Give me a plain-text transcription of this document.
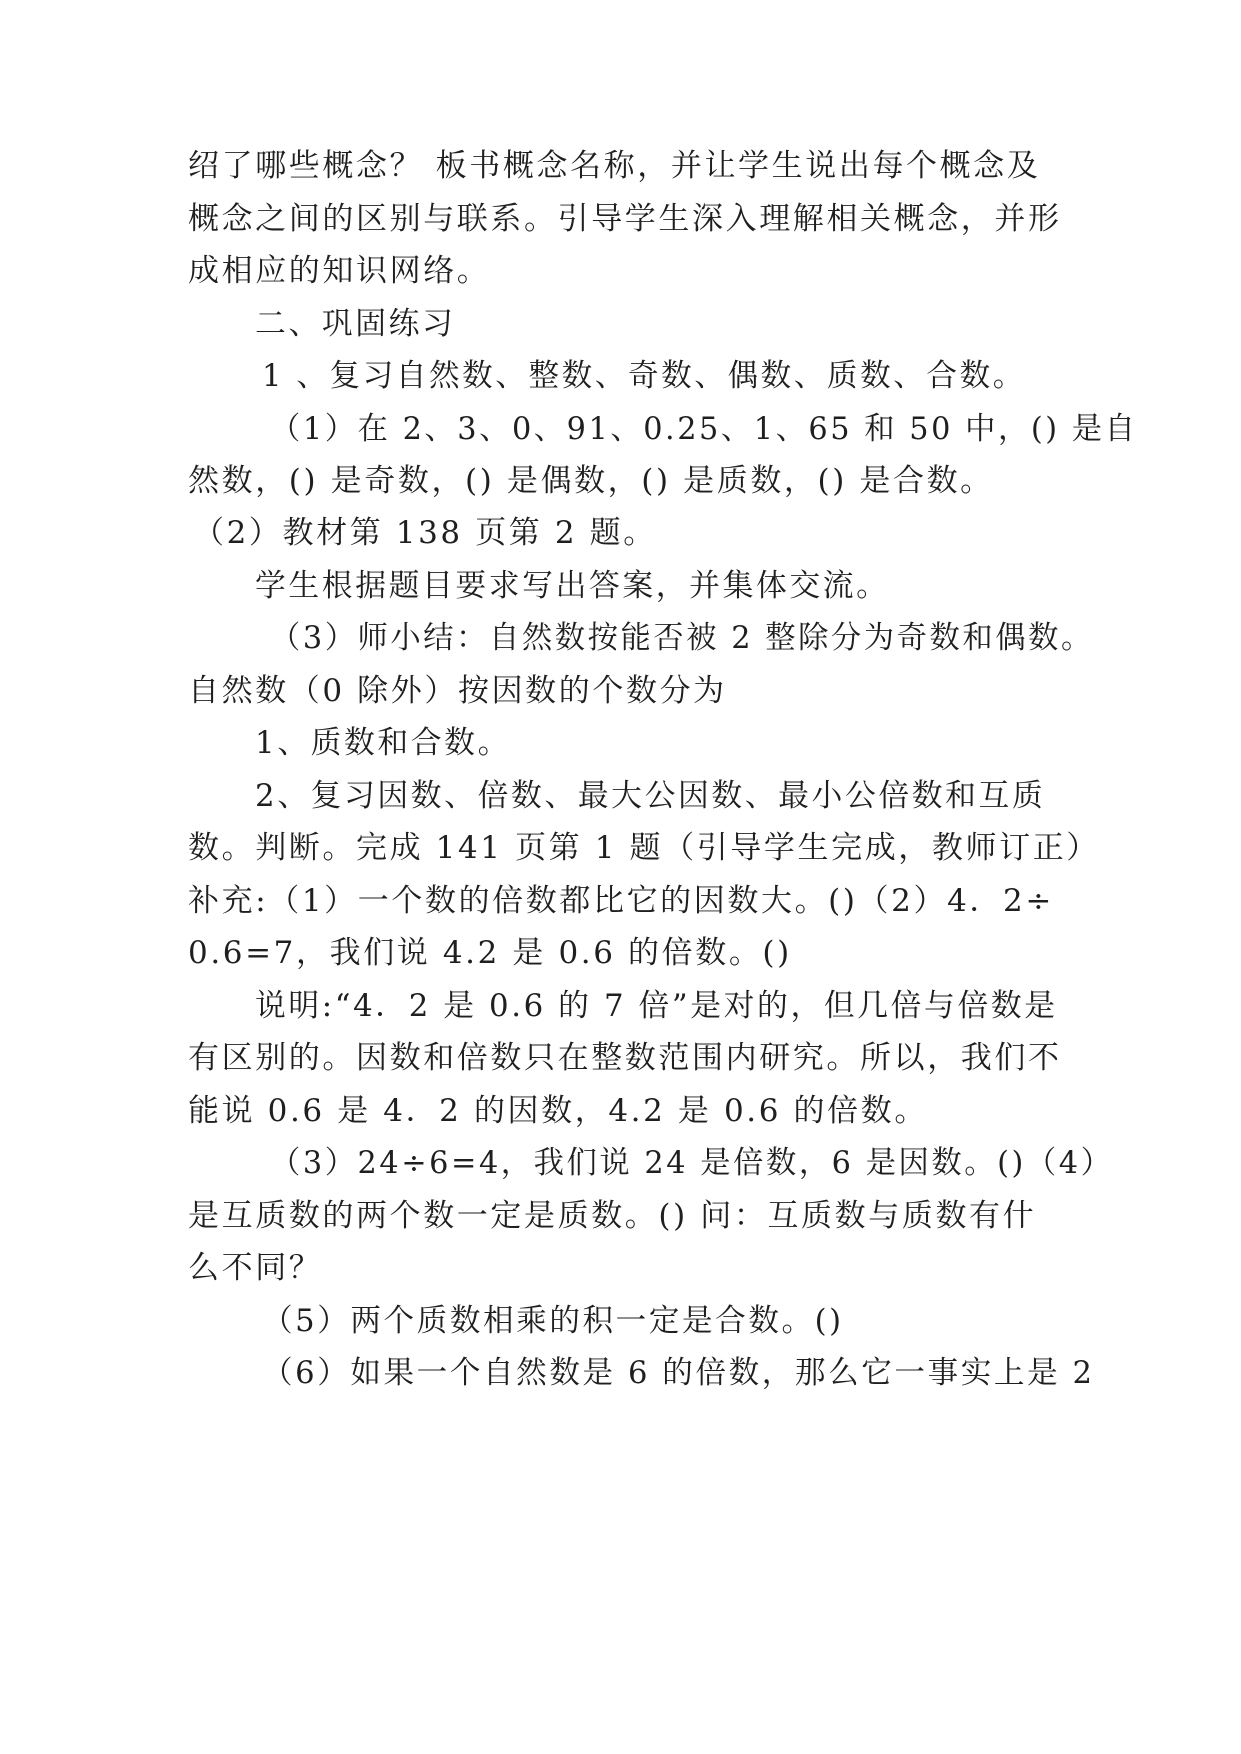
绍了哪些概念？ 板书概念名称，并让学生说出每个概念及
概念之间的区别与联系。引导学生深入理解相关概念，并形
成相应的知识网络。
二、巩固练习
1 、复习自然数、整数、奇数、偶数、质数、合数。
（1）在 2、3、0、91、0.25、1、65 和 50 中，() 是自
然数，() 是奇数，() 是偶数，() 是质数，() 是合数。
（2）教材第 138 页第 2 题。
学生根据题目要求写出答案，并集体交流。
（3）师小结：自然数按能否被 2 整除分为奇数和偶数。
自然数（0 除外）按因数的个数分为
1、质数和合数。
2、复习因数、倍数、最大公因数、最小公倍数和互质
数。判断。完成 141 页第 1 题（引导学生完成，教师订正）
补充:（1）一个数的倍数都比它的因数大。()（2）4．2÷
0.6=7，我们说 4.2 是 0.6 的倍数。()
说明:“4．2 是 0.6 的 7 倍”是对的，但几倍与倍数是
有区别的。因数和倍数只在整数范围内研究。所以，我们不
能说 0.6 是 4．2 的因数，4.2 是 0.6 的倍数。
（3）24÷6=4，我们说 24 是倍数，6 是因数。()（4）
是互质数的两个数一定是质数。() 问：互质数与质数有什
么不同？
（5）两个质数相乘的积一定是合数。()
（6）如果一个自然数是 6 的倍数，那么它一事实上是 2
